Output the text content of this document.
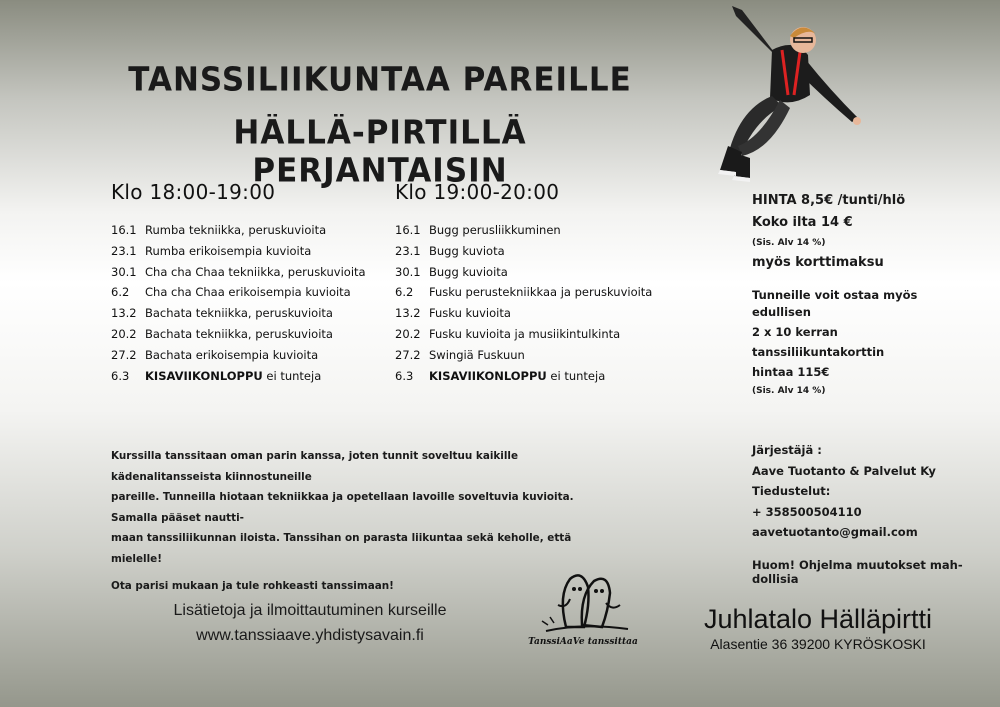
TANSSILIIKUNTAA PAREILLE
HÄLLÄ-PIRTILLÄ PERJANTAISIN
Klo 18:00-19:00
16.1 Rumba tekniikka, peruskuvioita
23.1 Rumba erikoisempia kuvioita
30.1 Cha cha Chaa tekniikka, peruskuvioita
6.2	Cha cha Chaa erikoisempia kuvioita
13.2 Bachata tekniikka, peruskuvioita
20.2 Bachata tekniikka, peruskuvioita
27.2 Bachata erikoisempia kuvioita
6.3	KISAVIIKONLOPPU ei tunteja
Klo 19:00-20:00
16.1 Bugg perusliikkuminen
23.1 Bugg kuviota
30.1 Bugg kuvioita
6.2	Fusku perustekniikkaa ja peruskuvioita
13.2 Fusku kuvioita
20.2 Fusku kuvioita ja musiikintulkinta
27.2 Swingiä Fuskuun
6.3	KISAVIIKONLOPPU ei tunteja
HINTA 8,5€ /tunti/hlö
Koko ilta 14 €
(Sis. Alv 14 %)
myös korttimaksu
Tunneille voit ostaa myös
edullisen
2 x 10 kerran
tanssiliikuntakorttin
hintaa 115€
(Sis. Alv 14 %)
Järjestäjä :
Aave Tuotanto & Palvelut Ky
Tiedustelut:
+ 358500504110
aavetuotanto@gmail.com
Huom! Ohjelma muutokset mah-
dollisia

Kurssilla tanssitaan oman parin kanssa, joten tunnit soveltuu kaikille kädenalitansseista kiinnostuneille
pareille. Tunneilla hiotaan tekniikkaa ja opetellaan lavoille soveltuvia kuvioita. Samalla pääset nautti-
maan tanssiliikunnan iloista. Tanssihan on parasta liikuntaa sekä keholle, että mielelle!

Ota parisi mukaan ja tule rohkeasti tanssimaan!

Lisätietoja ja ilmoittautuminen kurseille
www.tanssiaave.yhdistysavain.fi	TanssiAaVe tanssittaa
Juhlatalo Hälläpirtti
Alasentie 36 39200 KYRÖSKOSKI
